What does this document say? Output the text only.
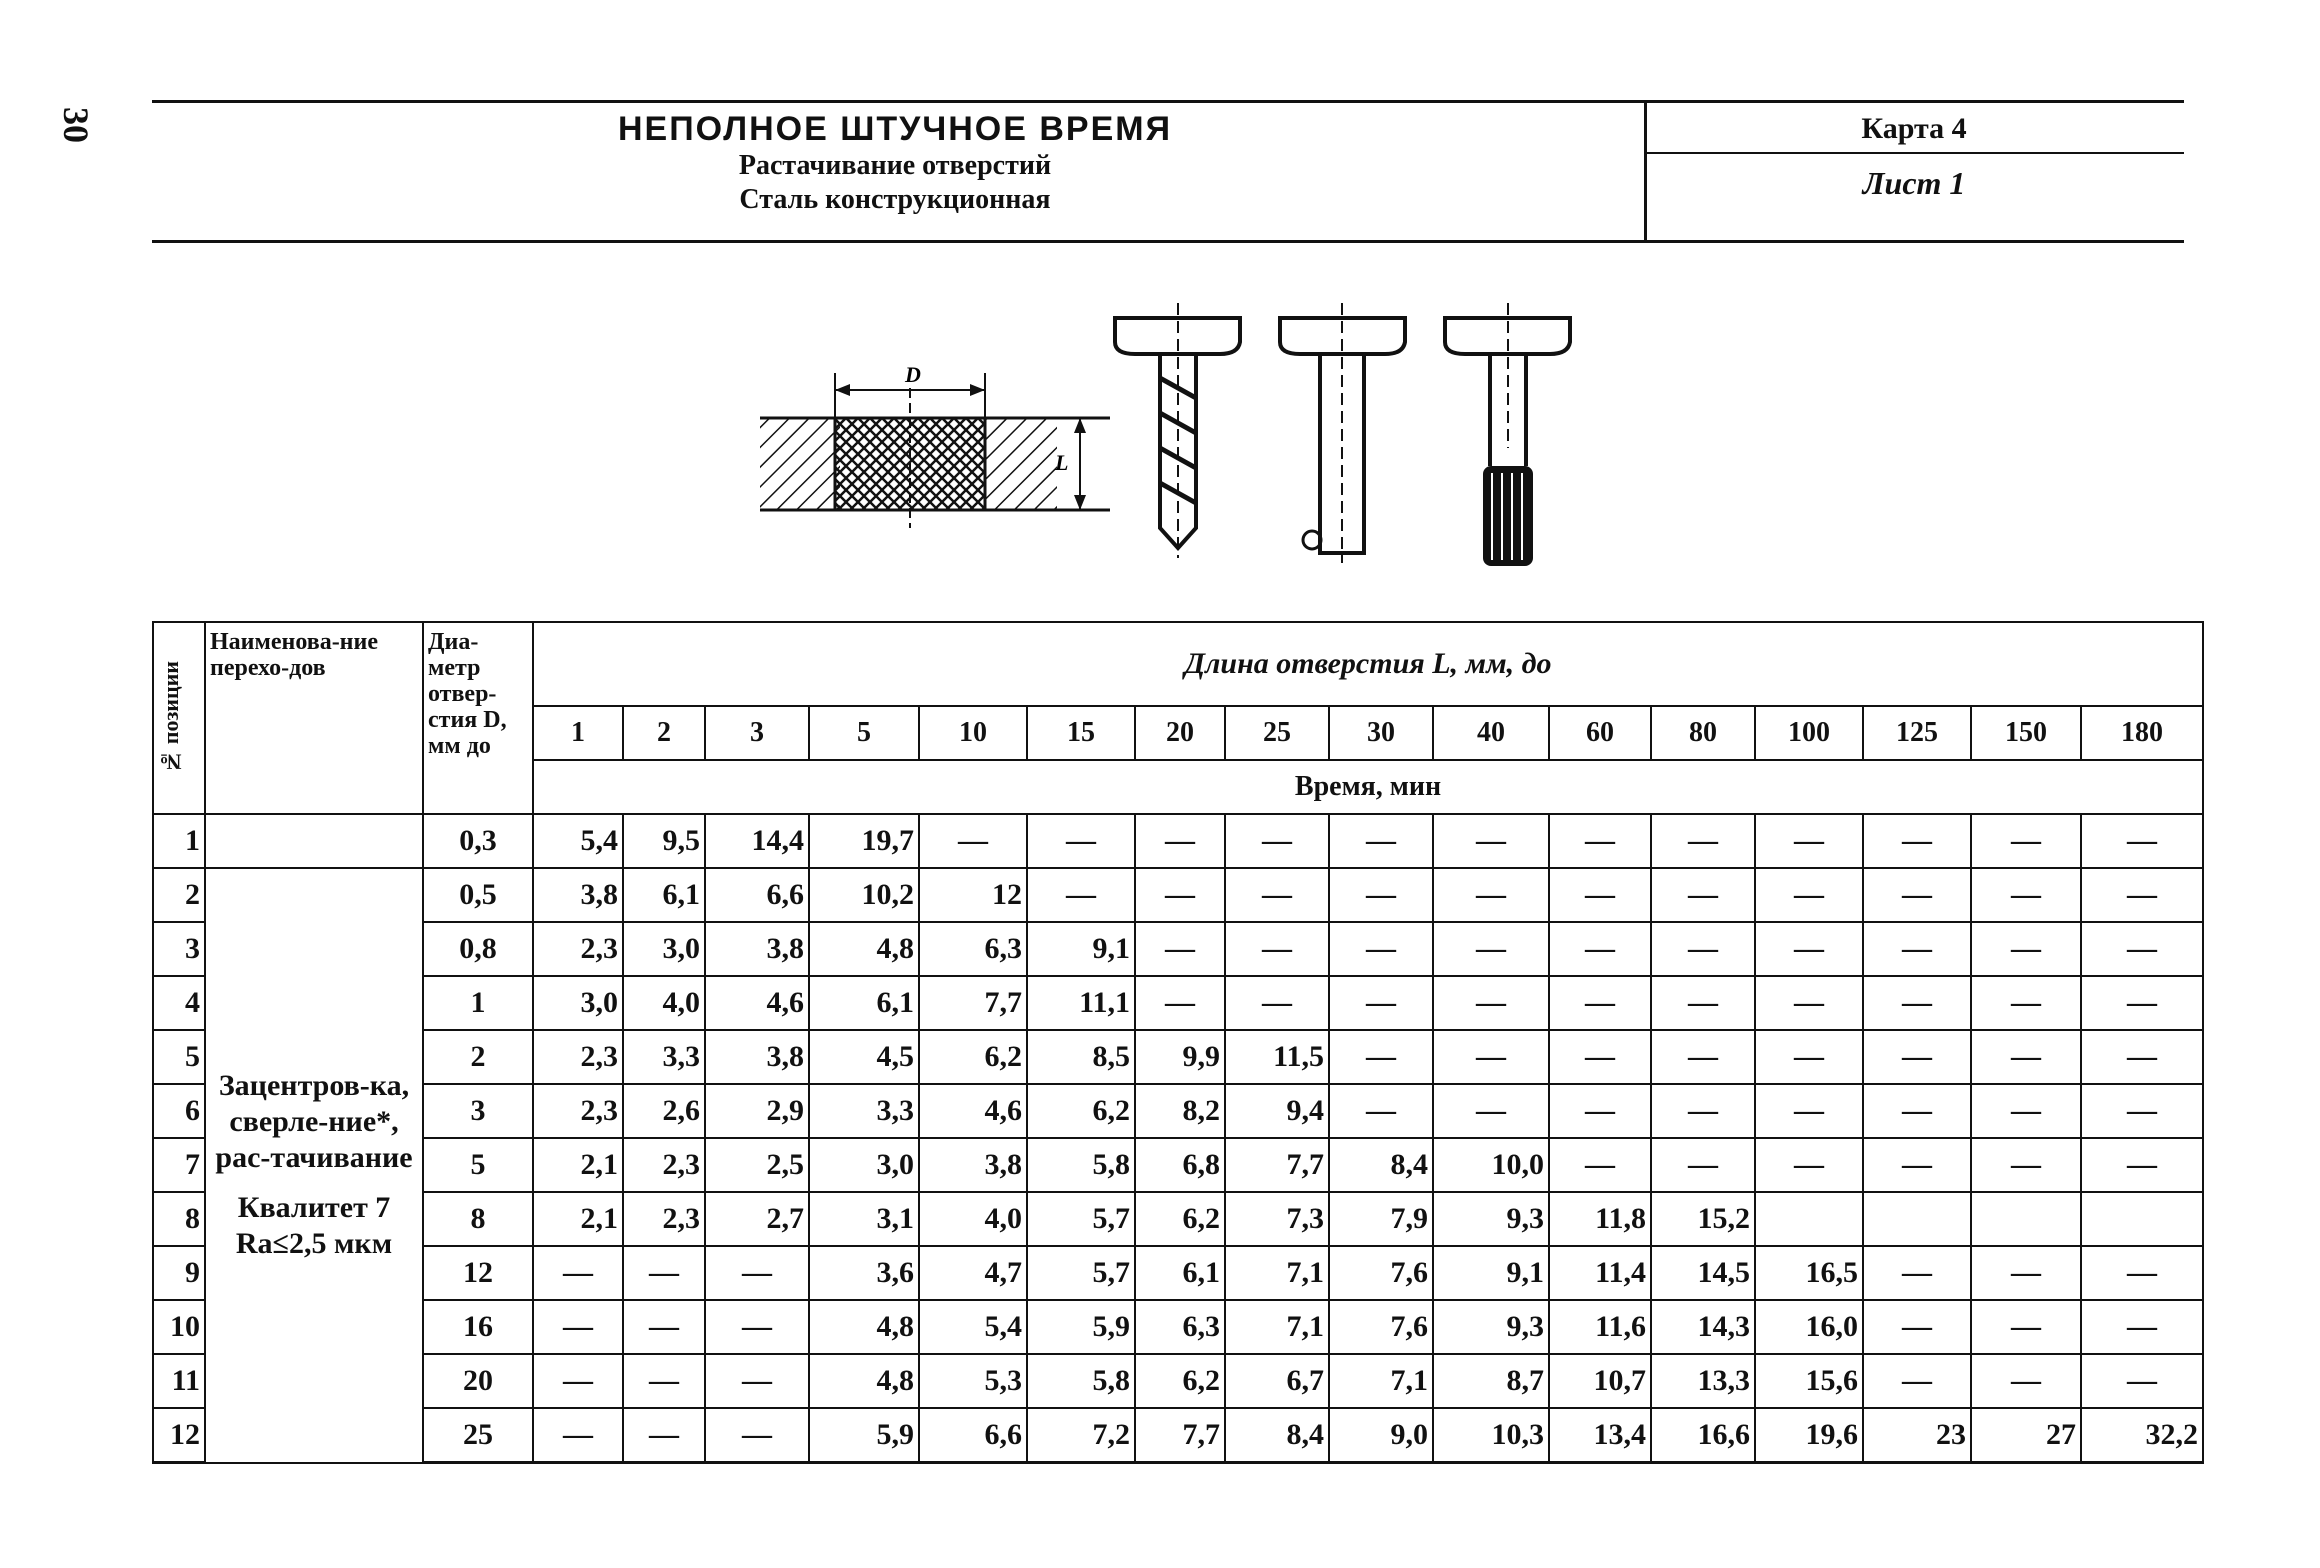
30	НЕПОЛНОЕ ШТУЧНОЕ ВРЕМЯ
Растачивание отверстий
Сталь конструкционная
Карта 4
Лист 1
D
L
№ позиции	Наименова-ние перехо-дов	Диа-метр отвер-стия D, мм до	Длина отверстия L, мм, до															
			1	2	3	5	10	15	20	25	30	40	60	80	100	125	150	180
			Время, мин															
1		0,3	5,4	9,5	14,4	19,7	—	—	—	—	—	—	—	—	—	—	—	—
2	Зацентров-ка, сверле-ние*, рас-тачивание
Квалитет 7
Ra≤2,5 мкм	0,5	3,8	6,1	6,6	10,2	12	—	—	—	—	—	—	—	—	—	—	—
3		0,8	2,3	3,0	3,8	4,8	6,3	9,1	—	—	—	—	—	—	—	—	—	—
4		1	3,0	4,0	4,6	6,1	7,7	11,1	—	—	—	—	—	—	—	—	—	—
5		2	2,3	3,3	3,8	4,5	6,2	8,5	9,9	11,5	—	—	—	—	—	—	—	—
6		3	2,3	2,6	2,9	3,3	4,6	6,2	8,2	9,4	—	—	—	—	—	—	—	—
7		5	2,1	2,3	2,5	3,0	3,8	5,8	6,8	7,7	8,4	10,0	—	—	—	—	—	—
8		8	2,1	2,3	2,7	3,1	4,0	5,7	6,2	7,3	7,9	9,3	11,8	15,2				
9		12	—	—	—	3,6	4,7	5,7	6,1	7,1	7,6	9,1	11,4	14,5	16,5	—	—	—
10		16	—	—	—	4,8	5,4	5,9	6,3	7,1	7,6	9,3	11,6	14,3	16,0	—	—	—
11		20	—	—	—	4,8	5,3	5,8	6,2	6,7	7,1	8,7	10,7	13,3	15,6	—	—	—
12		25	—	—	—	5,9	6,6	7,2	7,7	8,4	9,0	10,3	13,4	16,6	19,6	23	27	32,2
